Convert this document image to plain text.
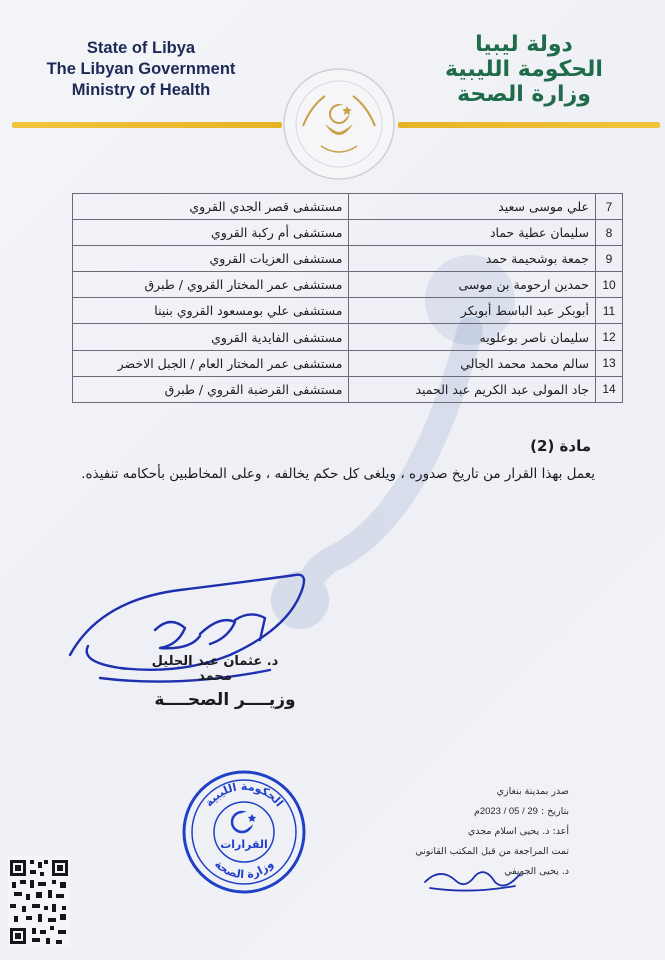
State of Libya
The Libyan Government
Ministry of Health
دولة ليبيا
الحكومة الليبية
وزارة الصحة
7	علي موسى سعيد	مستشفى قصر الجدي القروي
8	سليمان عطية حماد	مستشفى أم ركبة القروي
9	جمعة بوشحيمة حمد	مستشفى العزيات القروي
10	حمدين ارحومة بن موسى	مستشفى عمر المختار القروي / طبرق
11	أبوبكر عبد الباسط أبوبكر	مستشفى علي بومسعود القروي بنينا
12	سليمان ناصر بوعلويه	مستشفى الفايدية القروي
13	سالم محمد محمد الجالي	مستشفى عمر المختار العام / الجبل الاخضر
14	جاد المولى عبد الكريم عبد الحميد	مستشفى القرضبة القروي / طبرق
مادة (2)
يعمل بهذا القرار من تاريخ صدوره ، ويلغى كل حكم يخالفه ، وعلى المخاطبين بأحكامه تنفيذه.
د. عثمان عبد الجليل محمد
وزيــــر الصحــــة
الحكومة الليبية
وزارة الصحة
القرارات
صدر بمدينة بنغازي
بتاريخ : 29 / 05 / 2023م
أعد: د. يحيى اسلام مجدي
تمت المراجعة من قبل المكتب القانوني
د. يحيى الجويفي
